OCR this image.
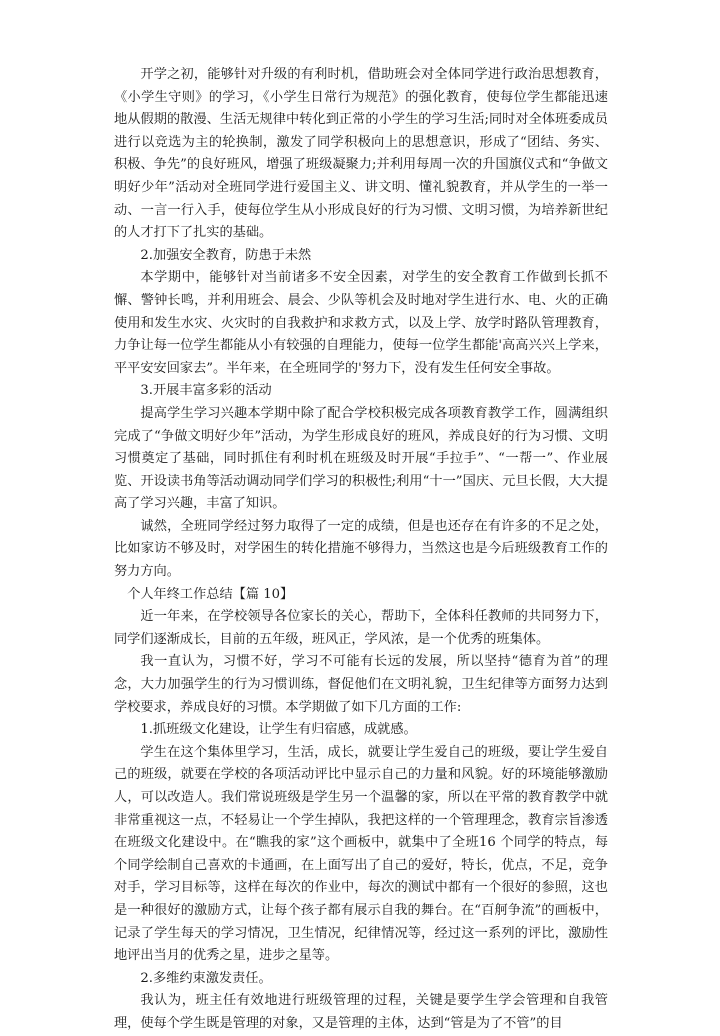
开学之初，能够针对升级的有利时机，借助班会对全体同学进行政治思想教育，《小学生守则》的学习，《小学生日常行为规范》的强化教育，使每位学生都能迅速地从假期的散漫、生活无规律中转化到正常的小学生的学习生活;同时对全体班委成员进行以竞选为主的轮换制，激发了同学积极向上的思想意识，形成了“团结、务实、积极、争先”的良好班风，增强了班级凝聚力;并利用每周一次的升国旗仪式和“争做文明好少年”活动对全班同学进行爱国主义、讲文明、懂礼貌教育，并从学生的一举一动、一言一行入手，使每位学生从小形成良好的行为习惯、文明习惯，为培养新世纪的人才打下了扎实的基础。

2.加强安全教育，防患于未然

本学期中，能够针对当前诸多不安全因素，对学生的安全教育工作做到长抓不懈、警钟长鸣，并利用班会、晨会、少队等机会及时地对学生进行水、电、火的正确使用和发生水灾、火灾时的自我救护和求救方式，以及上学、放学时路队管理教育，力争让每一位学生都能从小有较强的自理能力，使每一位学生都能'高高兴兴上学来，平平安安回家去”。半年来，在全班同学的'努力下，没有发生任何安全事故。

3.开展丰富多彩的活动

提高学生学习兴趣本学期中除了配合学校积极完成各项教育教学工作，圆满组织完成了“争做文明好少年”活动，为学生形成良好的班风，养成良好的行为习惯、文明习惯奠定了基础，同时抓住有利时机在班级及时开展“手拉手”、“一帮一”、作业展览、开设读书角等活动调动同学们学习的积极性;利用“十一”国庆、元旦长假，大大提高了学习兴趣，丰富了知识。

诚然，全班同学经过努力取得了一定的成绩，但是也还存在有许多的不足之处，比如家访不够及时，对学困生的转化措施不够得力，当然这也是今后班级教育工作的努力方向。

个人年终工作总结【篇 10】

近一年来，在学校领导各位家长的关心，帮助下，全体科任教师的共同努力下，同学们逐渐成长，目前的五年级，班风正，学风浓，是一个优秀的班集体。

我一直认为，习惯不好，学习不可能有长远的发展，所以坚持“德育为首”的理念，大力加强学生的行为习惯训练，督促他们在文明礼貌，卫生纪律等方面努力达到学校要求，养成良好的习惯。本学期做了如下几方面的工作:

1.抓班级文化建设，让学生有归宿感，成就感。

学生在这个集体里学习，生活，成长，就要让学生爱自己的班级，要让学生爱自己的班级，就要在学校的各项活动评比中显示自己的力量和风貌。好的环境能够激励人，可以改造人。我们常说班级是学生另一个温馨的家，所以在平常的教育教学中就非常重视这一点，不轻易让一个学生掉队，我把这样的一个管理理念，教育宗旨渗透在班级文化建设中。在“瞧我的家”这个画板中，就集中了全班16 个同学的特点，每个同学绘制自己喜欢的卡通画，在上面写出了自己的爱好，特长，优点，不足，竞争对手，学习目标等，这样在每次的作业中，每次的测试中都有一个很好的参照，这也是一种很好的激励方式，让每个孩子都有展示自我的舞台。在“百舸争流”的画板中，记录了学生每天的学习情况，卫生情况，纪律情况等，经过这一系列的评比，激励性地评出当月的优秀之星，进步之星等。

2.多维约束激发责任。

我认为，班主任有效地进行班级管理的过程，关键是要学生学会管理和自我管理，使每个学生既是管理的对象，又是管理的主体，达到“管是为了不管”的目
